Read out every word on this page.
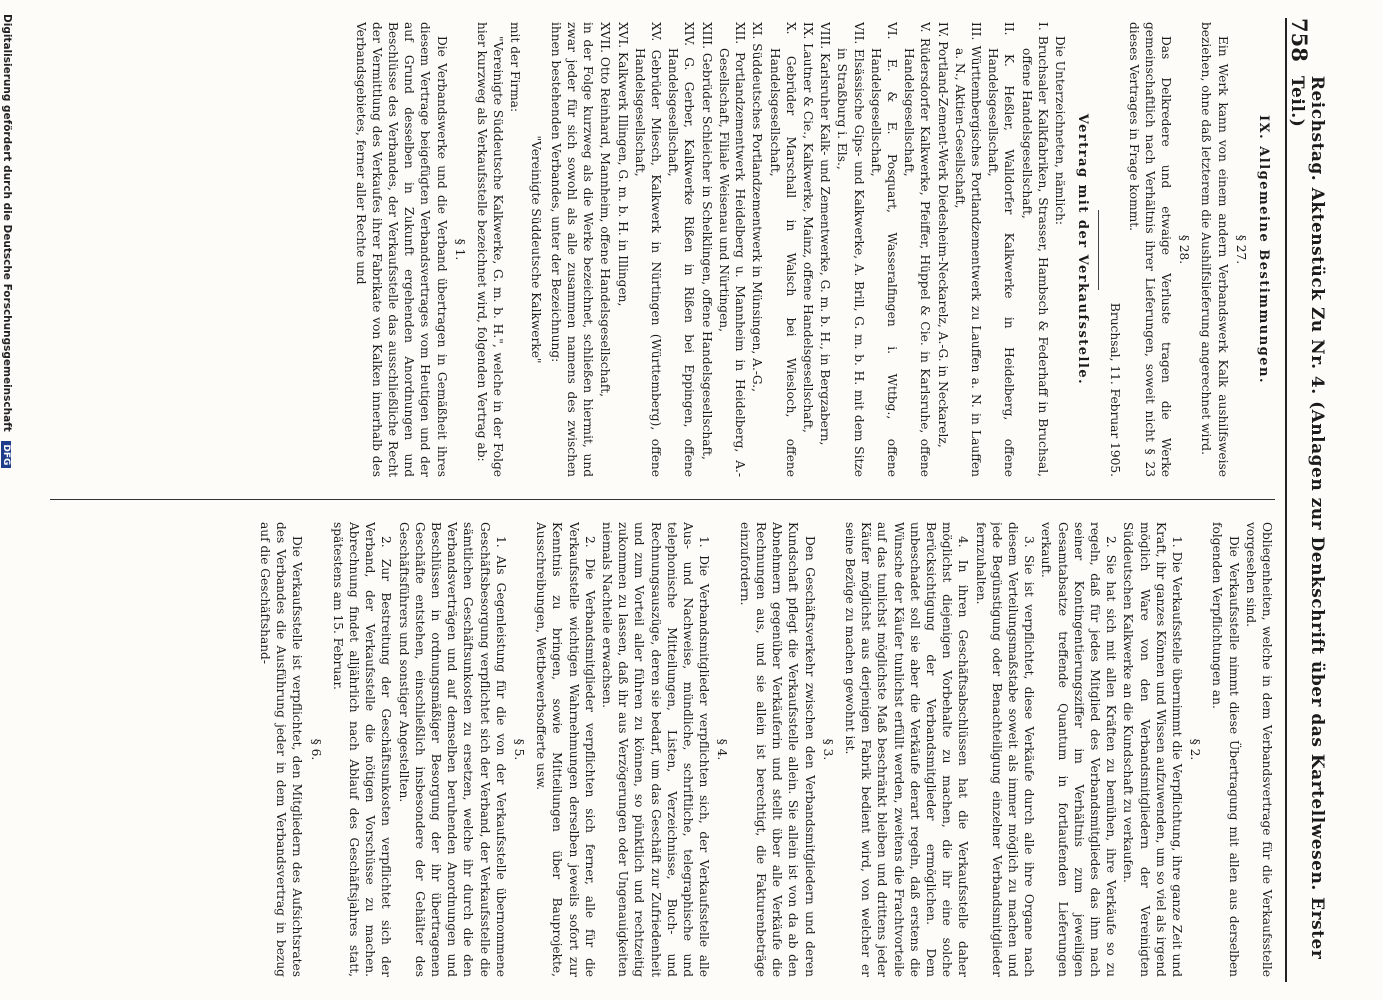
758
Reichstag. Aktenstück Zu Nr. 4. (Anlagen zur Denkschrift über das Kartellwesen. Erster Teil.)
IX. Allgemeine Bestimmungen.
§ 27.
Ein Werk kann von einem andern Verbandswerk Kalk aushilfsweise beziehen, ohne daß letzterem die Aushilfslieferung angerechnet wird.
§ 28.
Das Delkredere und etwaige Verluste tragen die Werke gemeinschaftlich nach Verhältnis ihrer Lieferungen, soweit nicht § 23 dieses Vertrages in Frage kommt.
Bruchsal, 11. Februar 1905.
Vertrag mit der Verkaufsstelle.
Die Unterzeichneten, nämlich:
I. Bruchsaler Kalkfabriken, Strasser, Hambsch & Federhaff in Bruchsal, offene Handelsgesellschaft,
II. K. Heßler, Walldorfer Kalkwerke in Heidelberg, offene Handelsgesellschaft,
III. Württembergisches Portlandzementwerk zu Lauffen a. N. in Lauffen a. N., Aktien-Gesellschaft,
IV. Portland-Zement-Werk Diedesheim-Neckarelz, A.-G. in Neckarelz,
V. Rüdersdorfer Kalkwerke, Pfeiffer, Hüppel & Cie. in Karlsruhe, offene Handelsgesellschaft,
VI. E. & E. Posquart, Wasseralfingen i. Wttbg., offene Handelsgesellschaft,
VII. Elsässische Gips- und Kalkwerke, A. Brill, G. m. b. H. mit dem Sitze in Straßburg i. Els.,
VIII. Karlsruher Kalk- und Zementwerke, G. m. b. H., in Bergzabern,
IX. Lautner & Cie., Kalkwerke, Mainz, offene Handelsgesellschaft,
X. Gebrüder Marschall in Walsch bei Wiesloch, offene Handelsgesellschaft,
XI. Süddeutsches Portlandzementwerk in Münsingen, A.-G.,
XII. Portlandzementwerk Heidelberg u. Mannheim in Heidelberg, A.-Gesellschaft, Filiale Weisenau und Nürtingen,
XIII. Gebrüder Schleicher in Schelklingen, offene Handelsgesellschaft,
XIV. G. Gerber, Kalkwerke Rißen in Rißen bei Eppingen, offene Handelsgesellschaft,
XV. Gebrüder Miesch, Kalkwerk in Nürtingen (Württemberg), offene Handelsgesellschaft,
XVI. Kalkwerk Illingen, G. m. b. H. in Illingen,
XVII. Otto Reinhard, Mannheim, offene Handelsgesellschaft,
in der Folge kurzweg als die Werke bezeichnet, schließen hiermit, und zwar jeder für sich sowohl als alle zusammen namens des zwischen ihnen bestehenden Verbandes, unter der Bezeichnung:
"Vereinigte Süddeutsche Kalkwerke"
mit der Firma:
"Vereinigte Süddeutsche Kalkwerke, G. m. b. H.", welche in der Folge hier kurzweg als Verkaufsstelle bezeichnet wird, folgenden Vertrag ab:
§ 1.
Die Verbandswerke und die Verband übertragen in Gemäßheit ihres diesem Vertrage beigefügten Verbandsvertrages vom Heutigen und der auf Grund desselben in Zukunft ergehenden Anordnungen und Beschlüsse des Verbandes, der Verkaufsstelle das ausschließliche Recht der Vermittlung des Verkaufes ihrer Fabrikate von Kalken innerhalb des Verbandsgebietes, ferner aller Rechte und
Obliegenheiten, welche in dem Verbandsvertrage für die Verkaufsstelle vorgesehen sind.
Die Verkaufsstelle nimmt diese Übertragung mit allen aus derselben folgenden Verpflichtungen an.
§ 2.
1. Die Verkaufsstelle übernimmt die Verpflichtung, ihre ganze Zeit und Kraft, ihr ganzes Können und Wissen aufzuwenden, um so viel als irgend möglich Ware von den Verbandsmitgliedern der Vereinigten Süddeutschen Kalkwerke an die Kundschaft zu verkaufen.
2. Sie hat sich mit allen Kräften zu bemühen, ihre Verkäufe so zu regeln, daß für jedes Mitglied des Verbandsmitgliedes das ihm nach seiner Kontingentierungsziffer im Verhältnis zum jeweiligen Gesamtabsatze treffende Quantum in fortlaufenden Lieferungen verkauft.
3. Sie ist verpflichtet, diese Verkäufe durch alle ihre Organe nach diesem Verteilungsmaßstabe soweit als immer möglich zu machen und jede Begünstigung oder Benachteiligung einzelner Verbandsmitglieder fernzuhalten.
4. In ihren Geschäftsabschlüssen hat die Verkaufsstelle daher möglichst diejenigen Vorbehalte zu machen, die ihr eine solche Berücksichtigung der Verbandsmitglieder ermöglichen. Dem unbeschadet soll sie aber die Verkäufe derart regeln, daß erstens die Wünsche der Käufer tunlichst erfüllt werden, zweitens die Frachtvorteile auf das tunlichst möglichste Maß beschränkt bleiben und drittens jeder Käufer möglichst aus derjenigen Fabrik bedient wird, von welcher er seine Bezüge zu machen gewohnt ist.
§ 3.
Den Geschäftsverkehr zwischen den Verbandsmitgliedern und deren Kundschaft pflegt die Verkaufsstelle allein. Sie allein ist von da ab den Abnehmern gegenüber Verkäuferin und stellt über alle Verkäufe die Rechnungen aus, und sie allein ist berechtigt, die Fakturenbeträge einzufordern.
§ 4.
1. Die Verbandsmitglieder verpflichten sich, der Verkaufsstelle alle Aus- und Nachweise, mündliche, schriftliche, telegraphische und telephonische Mitteilungen, Listen, Verzeichnisse, Buch- und Rechnungsauszüge, deren sie bedarf, um das Geschäft zur Zufriedenheit und zum Vorteil aller führen zu können, so pünktlich und rechtzeitig zukommen zu lassen, daß ihr aus Verzögerungen oder Ungenauigkeiten niemals Nachteile erwachsen.
2. Die Verbandsmitglieder verpflichten sich ferner, alle für die Verkaufsstelle wichtigen Wahrnehmungen derselben jeweils sofort zur Kenntnis zu bringen, sowie Mitteilungen über Bauprojekte, Ausschreibungen, Wettbewerbsofferte usw.
§ 5.
1. Als Gegenleistung für die von der Verkaufsstelle übernommene Geschäftsbesorgung verpflichtet sich der Verband, der Verkaufsstelle die sämtlichen Geschäftsunkosten zu ersetzen, welche ihr durch die den Verbandsverträgen und auf demselben beruhenden Anordnungen und Beschlüssen in ordnungsmäßiger Besorgung der ihr übertragenen Geschäfte entstehen, einschließlich insbesondere der Gehälter des Geschäftsführers und sonstiger Angestellten.
2. Zur Bestreitung der Geschäftsunkosten verpflichtet sich der Verband, der Verkaufsstelle die nötigen Vorschüsse zu machen. Abrechnung findet alljährlich nach Ablauf des Geschäftsjahres statt, spätestens am 15. Februar.
§ 6.
Die Verkaufsstelle ist verpflichtet, den Mitgliedern des Aufsichtsrates des Verbandes die Ausführung jeder in dem Verbandsvertrag in bezug auf die Geschäftshand-
Digitalisierung gefördert durch die Deutsche Forschungsgemeinschaft DFG
